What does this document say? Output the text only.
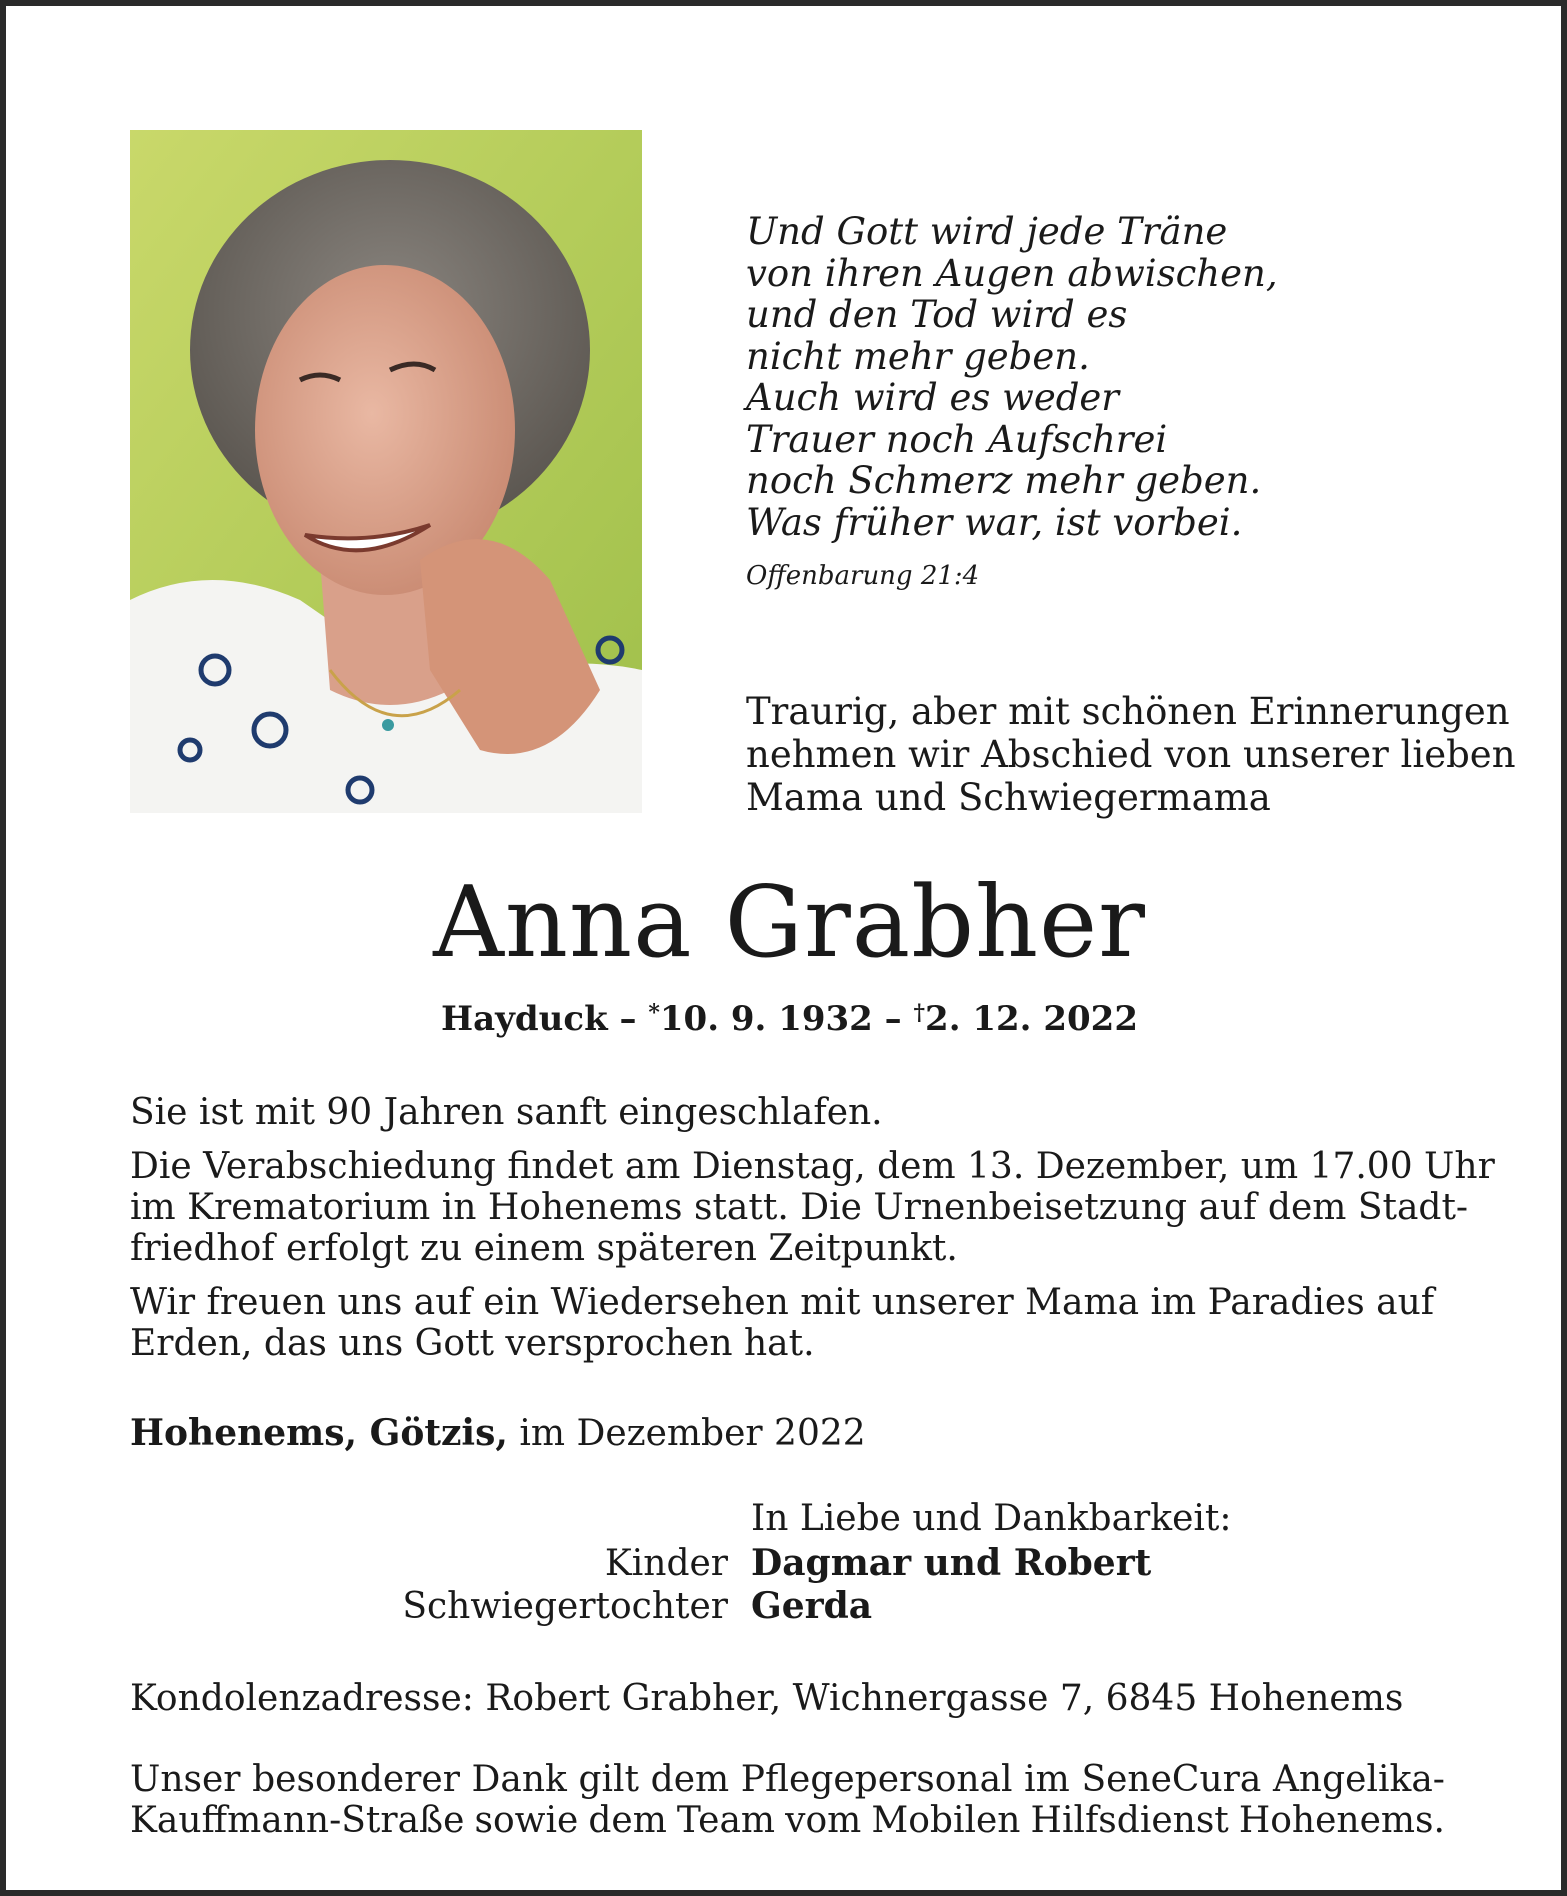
Und Gott wird jede Träne
von ihren Augen abwischen,
und den Tod wird es
nicht mehr geben.
Auch wird es weder
Trauer noch Aufschrei
noch Schmerz mehr geben.
Was früher war, ist vorbei.
Offenbarung 21:4
Traurig, aber mit schönen Erinnerungen
nehmen wir Abschied von unserer lieben
Mama und Schwiegermama
Anna Grabher
Hayduck – *10. 9. 1932 – †2. 12. 2022
Sie ist mit 90 Jahren sanft eingeschlafen.
Die Verabschiedung findet am Dienstag, dem 13. Dezember, um 17.00 Uhr
im Krematorium in Hohenems statt. Die Urnenbeisetzung auf dem Stadt-
friedhof erfolgt zu einem späteren Zeitpunkt.
Wir freuen uns auf ein Wiedersehen mit unserer Mama im Paradies auf
Erden, das uns Gott versprochen hat.
Hohenems, Götzis, im Dezember 2022
In Liebe und Dankbarkeit:
Kinder Dagmar und Robert
Schwiegertochter Gerda
Kondolenzadresse: Robert Grabher, Wichnergasse 7, 6845 Hohenems
Unser besonderer Dank gilt dem Pflegepersonal im SeneCura Angelika-
Kauffmann-Straße sowie dem Team vom Mobilen Hilfsdienst Hohenems.
